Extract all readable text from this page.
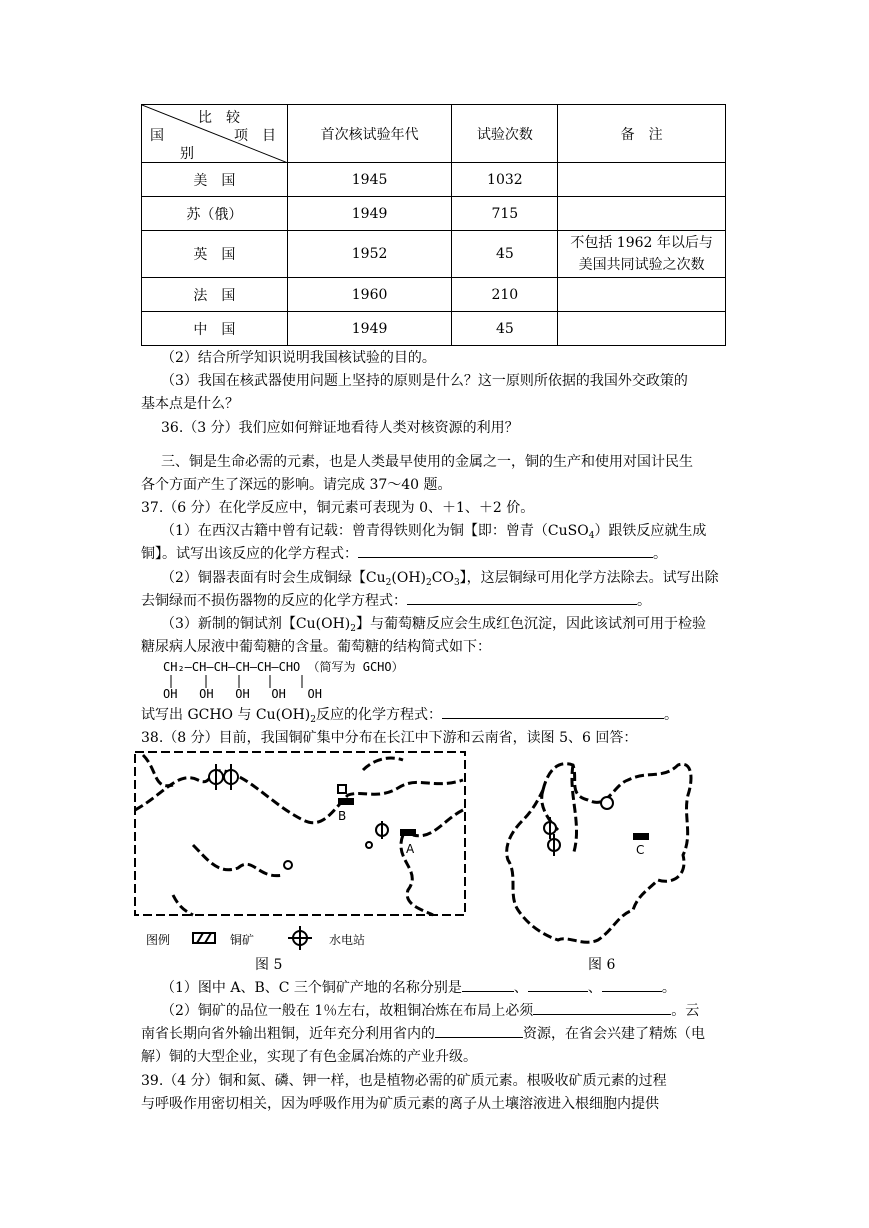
比　较
国 项　目
别	首次核试验年代	试验次数	备　注
美　国	1945	1032	
苏（俄）	1949	715	
英　国	1952	45	不包括 1962 年以后与
美国共同试验之次数

法　国	1960	210	
中　国	1949	45	
（2）结合所学知识说明我国核试验的目的。
（3）我国在核武器使用问题上坚持的原则是什么？这一原则所依据的我国外交政策的
基本点是什么？
36.（3 分）我们应如何辩证地看待人类对核资源的利用？
三、铜是生命必需的元素，也是人类最早使用的金属之一，铜的生产和使用对国计民生
各个方面产生了深远的影响。请完成 37～40 题。
37.（6 分）在化学反应中，铜元素可表现为 0、＋1、＋2 价。
（1）在西汉古籍中曾有记载：曾青得铁则化为铜【即：曾青（CuSO$_4$）跟铁反应就生成
铜】。试写出该反应的化学方程式：	。
（2）铜器表面有时会生成铜绿【$Cu_2(OH)_2CO_3$】，这层铜绿可用化学方法除去。试写出除
去铜绿而不损伤器物的反应的化学方程式：	。
（3）新制的铜试剂【$Cu(OH)_2$】与葡萄糖反应会生成红色沉淀，因此该试剂可用于检验
糖尿病人尿液中葡萄糖的含量。葡萄糖的结构简式如下：
CH₂—CH—CH—CH—CH—CHO （简写为 GCHO）
OH   OH   OH   OH   OH
试写出 GCHO 与 $Cu(OH)_2$反应的化学方程式：	。
38.（8 分）目前，我国铜矿集中分布在长江中下游和云南省，读图 5、6 回答：
B
A
图例	铜矿	水电站
图 5
C
图 6
（1）图中 A、B、C 三个铜矿产地的名称分别是	、	、	。
（2）铜矿的品位一般在 1％左右，故粗铜冶炼在布局上必须	。云
南省长期向省外输出粗铜，近年充分利用省内的	资源，在省会兴建了精炼（电
解）铜的大型企业，实现了有色金属冶炼的产业升级。
39.（4 分）铜和氮、磷、钾一样，也是植物必需的矿质元素。根吸收矿质元素的过程
与呼吸作用密切相关，因为呼吸作用为矿质元素的离子从土壤溶液进入根细胞内提供
